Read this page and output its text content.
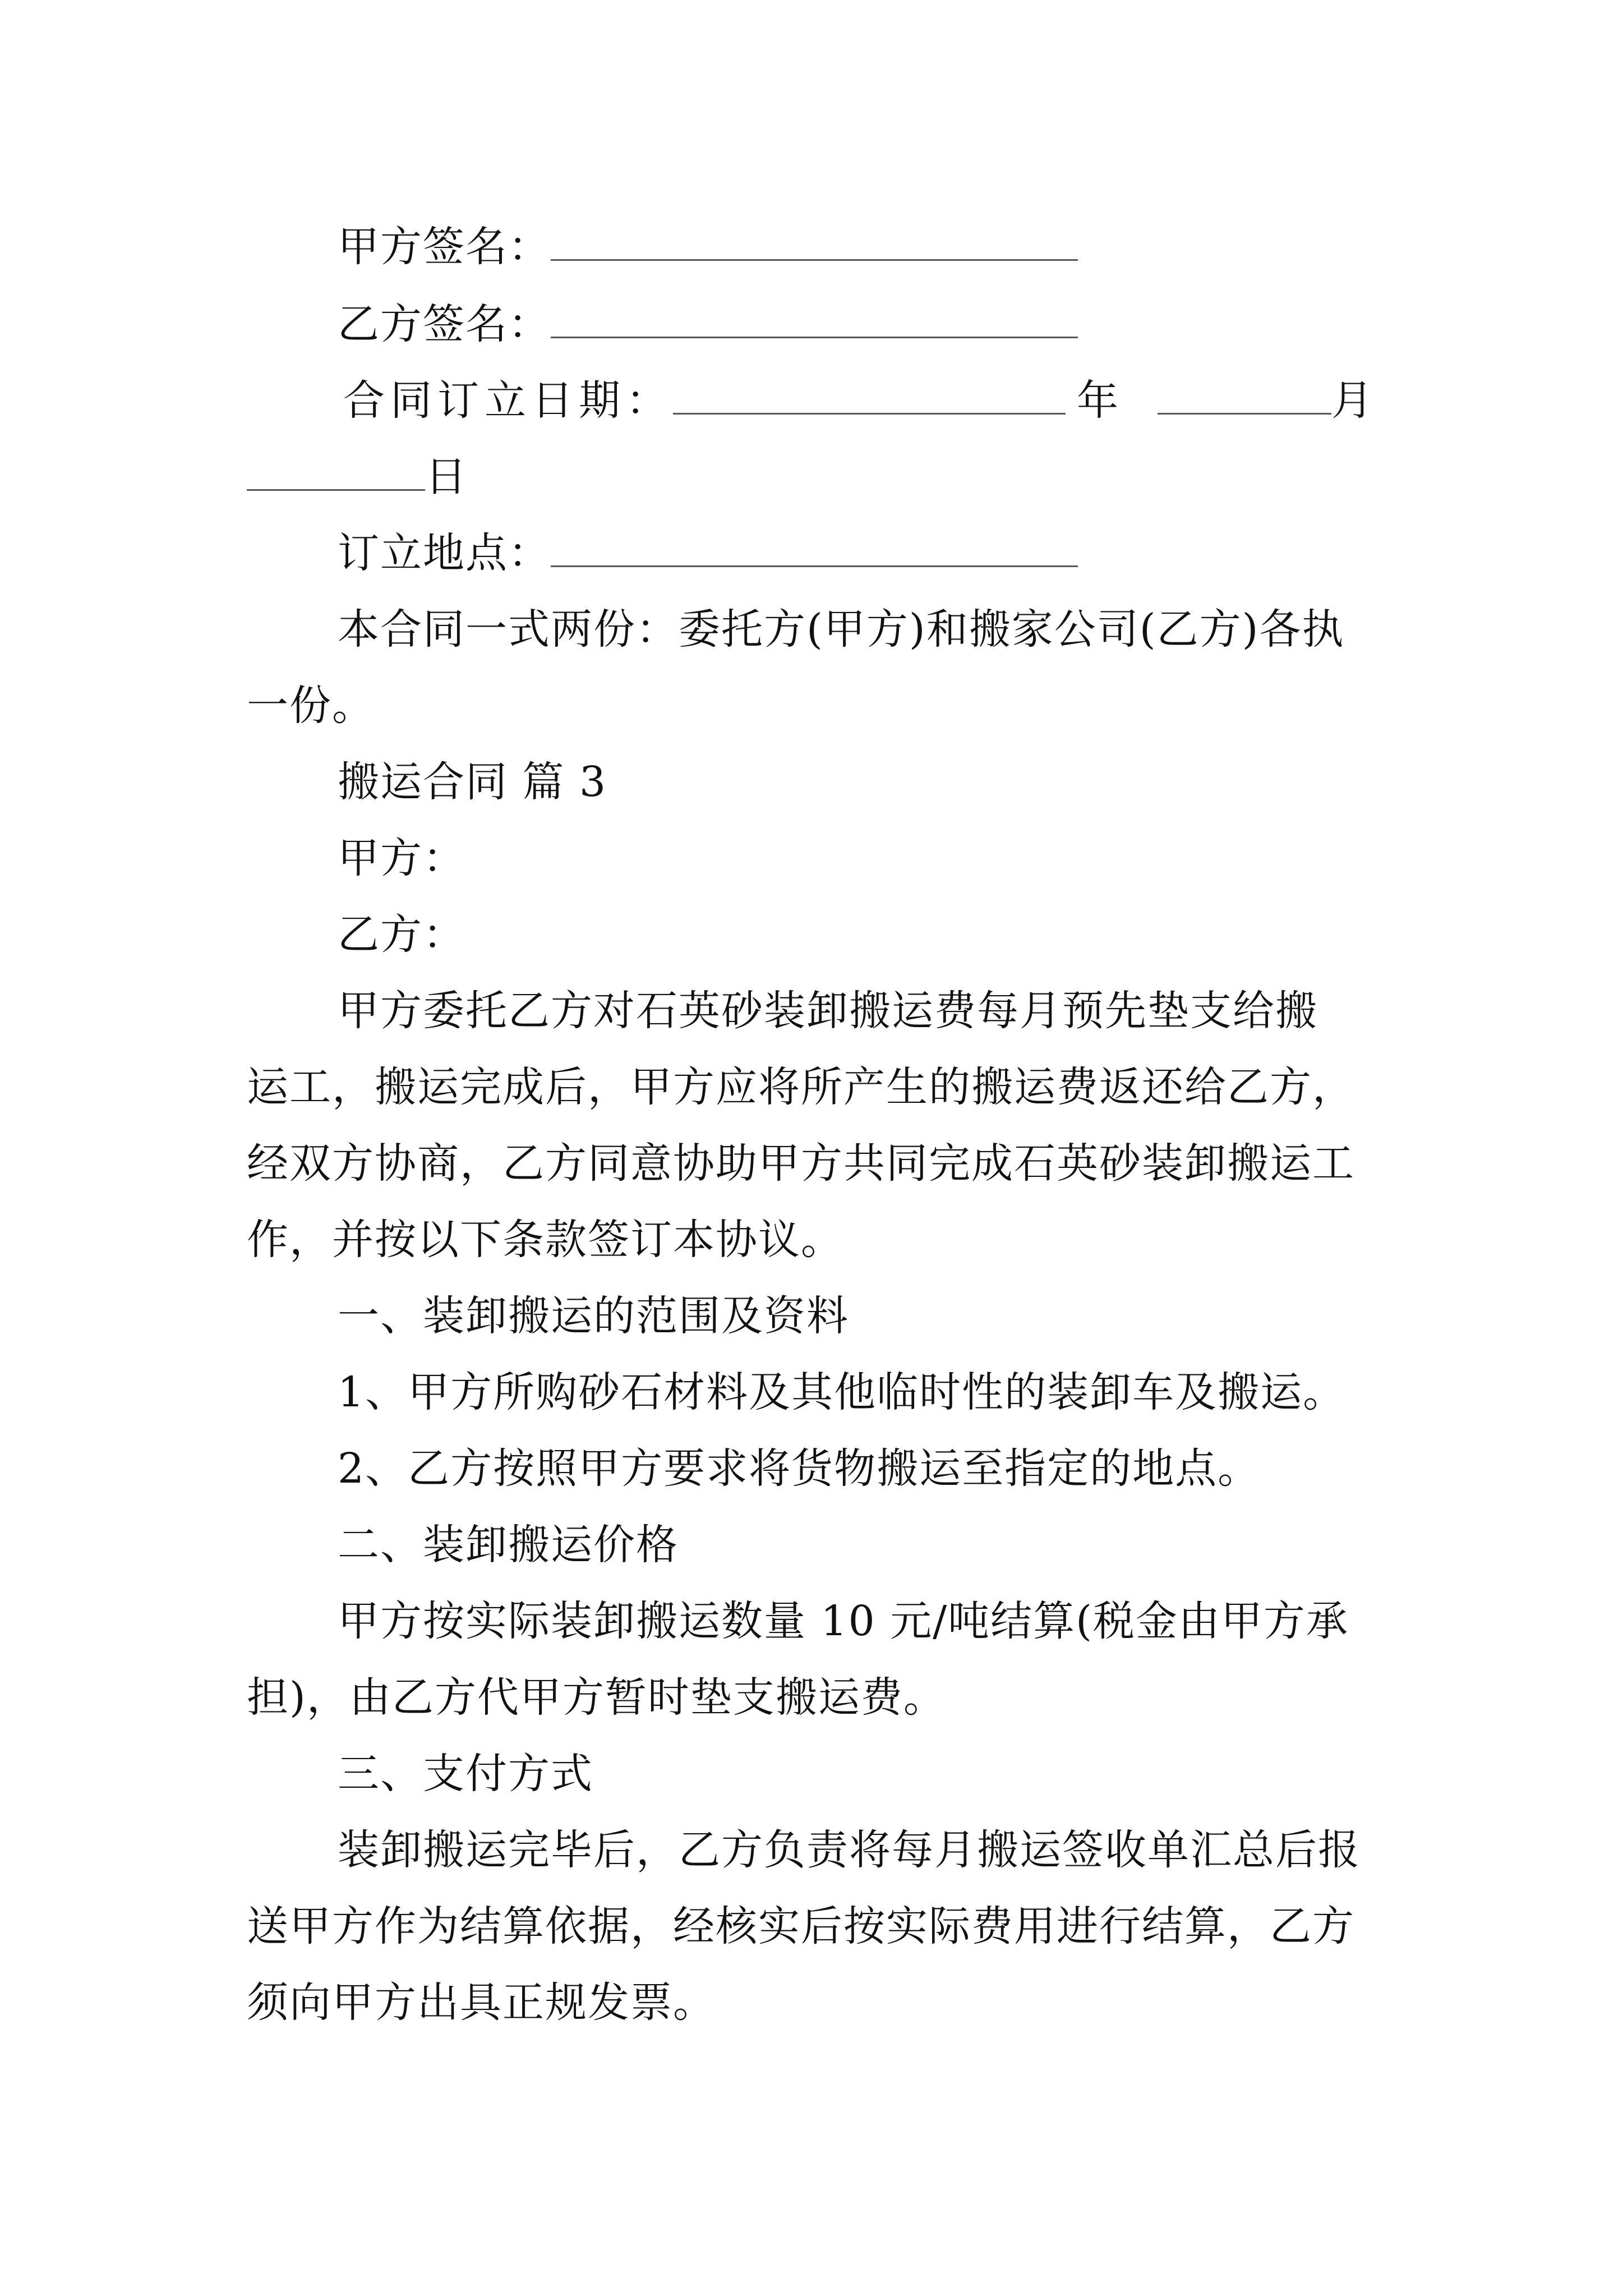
甲方签名：
乙方签名：
合同订立日期：	年	月
日
订立地点：
本合同一式两份：委托方(甲方)和搬家公司(乙方)各执
一份。
搬运合同 篇 3
甲方：
乙方：
甲方委托乙方对石英砂装卸搬运费每月预先垫支给搬
运工，搬运完成后，甲方应将所产生的搬运费返还给乙方，
经双方协商，乙方同意协助甲方共同完成石英砂装卸搬运工
作，并按以下条款签订本协议。
一、装卸搬运的范围及资料
1、甲方所购砂石材料及其他临时性的装卸车及搬运。
2、乙方按照甲方要求将货物搬运至指定的地点。
二、装卸搬运价格
甲方按实际装卸搬运数量 10 元/吨结算(税金由甲方承
担)，由乙方代甲方暂时垫支搬运费。
三、支付方式
装卸搬运完毕后，乙方负责将每月搬运签收单汇总后报
送甲方作为结算依据，经核实后按实际费用进行结算，乙方
须向甲方出具正规发票。
